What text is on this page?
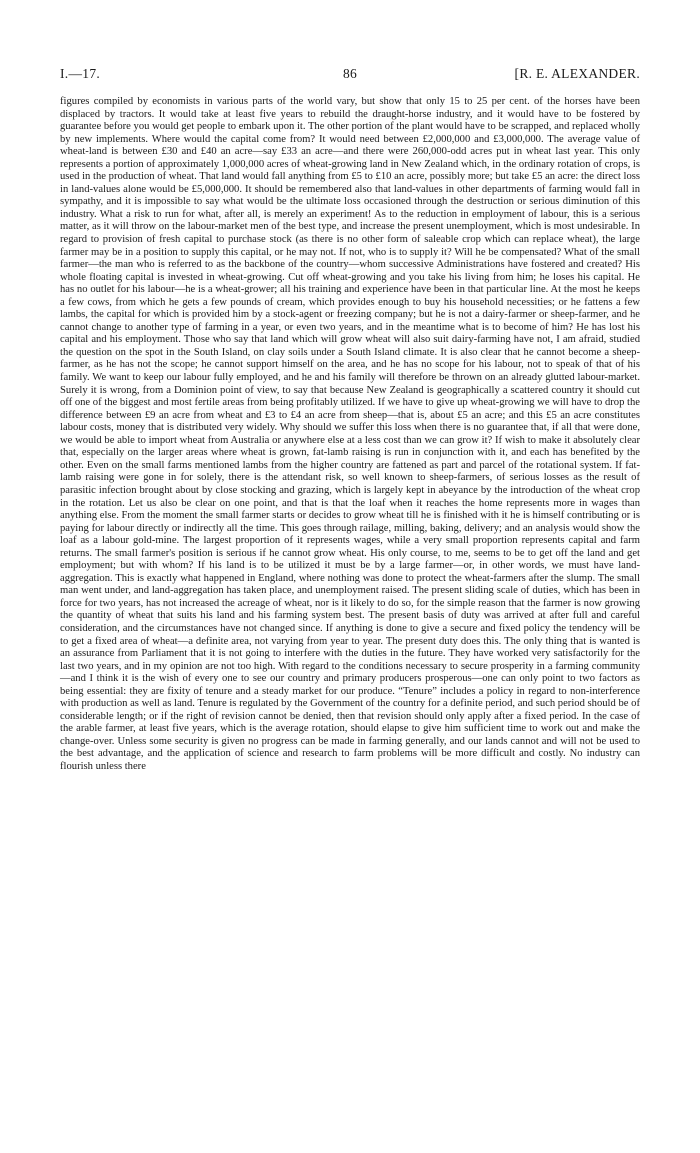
I.—17.	86	[R. E. ALEXANDER.

figures compiled by economists in various parts of the world vary, but show that only 15 to 25 per cent. of the horses have been displaced by tractors. It would take at least five years to rebuild the draught-horse industry, and it would have to be fostered by guarantee before you would get people to embark upon it. The other portion of the plant would have to be scrapped, and replaced wholly by new implements. Where would the capital come from? It would need between £2,000,000 and £3,000,000. The average value of wheat-land is between £30 and £40 an acre—say £33 an acre—and there were 260,000-odd acres put in wheat last year. This only represents a portion of approximately 1,000,000 acres of wheat-growing land in New Zealand which, in the ordinary rotation of crops, is used in the production of wheat. That land would fall anything from £5 to £10 an acre, possibly more; but take £5 an acre: the direct loss in land-values alone would be £5,000,000. It should be remembered also that land-values in other departments of farming would fall in sympathy, and it is impossible to say what would be the ultimate loss occasioned through the destruction or serious diminution of this industry. What a risk to run for what, after all, is merely an experiment! As to the reduction in employment of labour, this is a serious matter, as it will throw on the labour-market men of the best type, and increase the present unemployment, which is most undesirable. In regard to provision of fresh capital to purchase stock (as there is no other form of saleable crop which can replace wheat), the large farmer may be in a position to supply this capital, or he may not. If not, who is to supply it? Will he be compensated? What of the small farmer—the man who is referred to as the backbone of the country—whom successive Administrations have fostered and created? His whole floating capital is invested in wheat-growing. Cut off wheat-growing and you take his living from him; he loses his capital. He has no outlet for his labour—he is a wheat-grower; all his training and experience have been in that particular line. At the most he keeps a few cows, from which he gets a few pounds of cream, which provides enough to buy his household necessities; or he fattens a few lambs, the capital for which is provided him by a stock-agent or freezing company; but he is not a dairy-farmer or sheep-farmer, and he cannot change to another type of farming in a year, or even two years, and in the meantime what is to become of him? He has lost his capital and his employment. Those who say that land which will grow wheat will also suit dairy-farming have not, I am afraid, studied the question on the spot in the South Island, on clay soils under a South Island climate. It is also clear that he cannot become a sheep-farmer, as he has not the scope; he cannot support himself on the area, and he has no scope for his labour, not to speak of that of his family. We want to keep our labour fully employed, and he and his family will therefore be thrown on an already glutted labour-market. Surely it is wrong, from a Dominion point of view, to say that because New Zealand is geographically a scattered country it should cut off one of the biggest and most fertile areas from being profitably utilized. If we have to give up wheat-growing we will have to drop the difference between £9 an acre from wheat and £3 to £4 an acre from sheep—that is, about £5 an acre; and this £5 an acre constitutes labour costs, money that is distributed very widely. Why should we suffer this loss when there is no guarantee that, if all that were done, we would be able to import wheat from Australia or anywhere else at a less cost than we can grow it? If wish to make it absolutely clear that, especially on the larger areas where wheat is grown, fat-lamb raising is run in conjunction with it, and each has benefited by the other. Even on the small farms mentioned lambs from the higher country are fattened as part and parcel of the rotational system. If fat-lamb raising were gone in for solely, there is the attendant risk, so well known to sheep-farmers, of serious losses as the result of parasitic infection brought about by close stocking and grazing, which is largely kept in abeyance by the introduction of the wheat crop in the rotation. Let us also be clear on one point, and that is that the loaf when it reaches the home represents more in wages than anything else. From the moment the small farmer starts or decides to grow wheat till he is finished with it he is himself contributing or is paying for labour directly or indirectly all the time. This goes through railage, milling, baking, delivery; and an analysis would show the loaf as a labour gold-mine. The largest proportion of it represents wages, while a very small proportion represents capital and farm returns. The small farmer's position is serious if he cannot grow wheat. His only course, to me, seems to be to get off the land and get employment; but with whom? If his land is to be utilized it must be by a large farmer—or, in other words, we must have land-aggregation. This is exactly what happened in England, where nothing was done to protect the wheat-farmers after the slump. The small man went under, and land-aggregation has taken place, and unemployment raised. The present sliding scale of duties, which has been in force for two years, has not increased the acreage of wheat, nor is it likely to do so, for the simple reason that the farmer is now growing the quantity of wheat that suits his land and his farming system best. The present basis of duty was arrived at after full and careful consideration, and the circumstances have not changed since. If anything is done to give a secure and fixed policy the tendency will be to get a fixed area of wheat—a definite area, not varying from year to year. The present duty does this. The only thing that is wanted is an assurance from Parliament that it is not going to interfere with the duties in the future. They have worked very satisfactorily for the last two years, and in my opinion are not too high. With regard to the conditions necessary to secure prosperity in a farming community—and I think it is the wish of every one to see our country and primary producers prosperous—one can only point to two factors as being essential: they are fixity of tenure and a steady market for our produce. “Tenure” includes a policy in regard to non-interference with production as well as land. Tenure is regulated by the Government of the country for a definite period, and such period should be of considerable length; or if the right of revision cannot be denied, then that revision should only apply after a fixed period. In the case of the arable farmer, at least five years, which is the average rotation, should elapse to give him sufficient time to work out and make the change-over. Unless some security is given no progress can be made in farming generally, and our lands cannot and will not be used to the best advantage, and the application of science and research to farm problems will be more difficult and costly. No industry can flourish unless there
